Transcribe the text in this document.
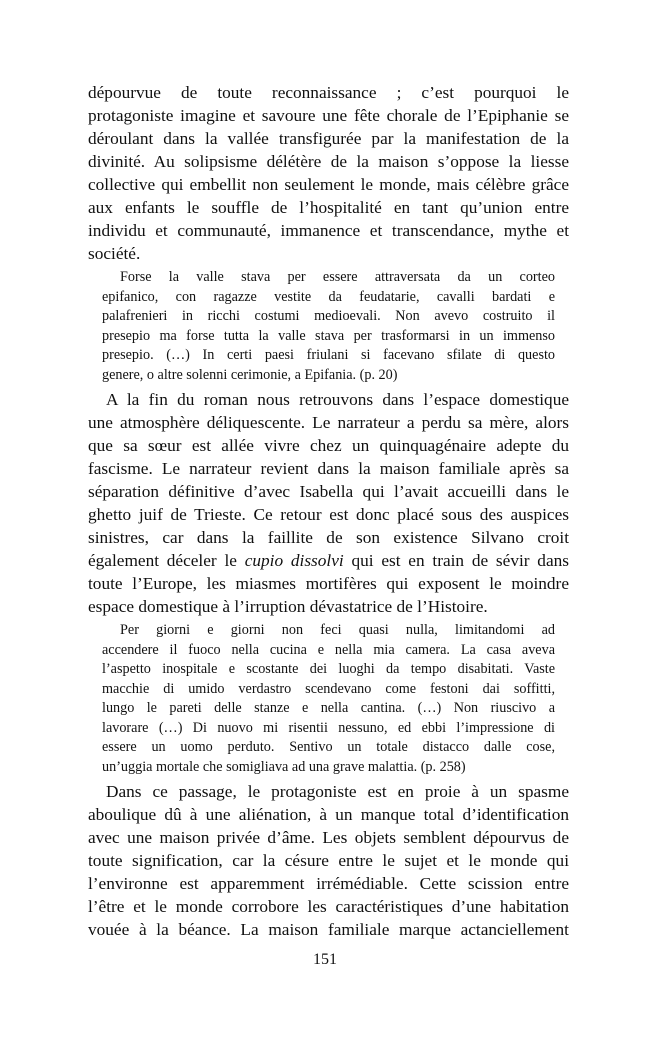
dépourvue de toute reconnaissance ; c’est pourquoi le
protagoniste imagine et savoure une fête chorale de l’Epiphanie se
déroulant dans la vallée transfigurée par la manifestation de la
divinité. Au solipsisme délétère de la maison s’oppose la liesse
collective qui embellit non seulement le monde, mais célèbre grâce
aux enfants le souffle de l’hospitalité en tant qu’union entre
individu et communauté, immanence et transcendance, mythe et
société.
Forse la valle stava per essere attraversata da un corteo
epifanico, con ragazze vestite da feudatarie, cavalli bardati e
palafrenieri in ricchi costumi medioevali. Non avevo costruito il
presepio ma forse tutta la valle stava per trasformarsi in un immenso
presepio. (…) In certi paesi friulani si facevano sfilate di questo
genere, o altre solenni cerimonie, a Epifania. (p. 20)
A la fin du roman nous retrouvons dans l’espace domestique
une atmosphère déliquescente. Le narrateur a perdu sa mère, alors
que sa sœur est allée vivre chez un quinquagénaire adepte du
fascisme. Le narrateur revient dans la maison familiale après sa
séparation définitive d’avec Isabella qui l’avait accueilli dans le
ghetto juif de Trieste. Ce retour est donc placé sous des auspices
sinistres, car dans la faillite de son existence Silvano croit
également déceler le cupio dissolvi qui est en train de sévir dans
toute l’Europe, les miasmes mortifères qui exposent le moindre
espace domestique à l’irruption dévastatrice de l’Histoire.
Per giorni e giorni non feci quasi nulla, limitandomi ad
accendere il fuoco nella cucina e nella mia camera. La casa aveva
l’aspetto inospitale e scostante dei luoghi da tempo disabitati. Vaste
macchie di umido verdastro scendevano come festoni dai soffitti,
lungo le pareti delle stanze e nella cantina. (…) Non riuscivo a
lavorare (…) Di nuovo mi risentii nessuno, ed ebbi l’impressione di
essere un uomo perduto. Sentivo un totale distacco dalle cose,
un’uggia mortale che somigliava ad una grave malattia. (p. 258)
Dans ce passage, le protagoniste est en proie à un spasme
aboulique dû à une aliénation, à un manque total d’identification
avec une maison privée d’âme. Les objets semblent dépourvus de
toute signification, car la césure entre le sujet et le monde qui
l’environne est apparemment irrémédiable. Cette scission entre
l’être et le monde corrobore les caractéristiques d’une habitation
vouée à la béance. La maison familiale marque actanciellement
151
